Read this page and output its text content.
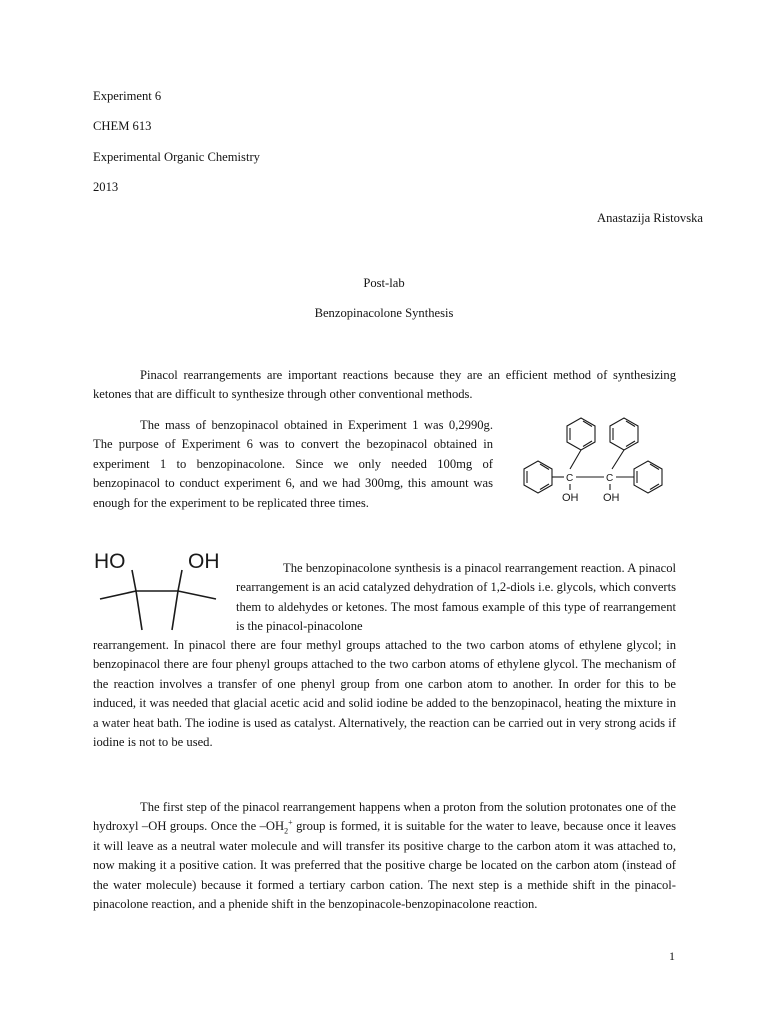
Experiment 6
CHEM 613
Experimental Organic Chemistry
2013
Anastazija Ristovska
Post-lab
Benzopinacolone Synthesis

Pinacol rearrangements are important reactions because they are an efficient method of synthesizing ketones that are difficult to synthesize through other conventional methods.

The mass of benzopinacol obtained in Experiment 1 was 0,2990g. The purpose of Experiment 6 was to convert the bezopinacol obtained in experiment 1 to benzopinacolone. Since we only needed 100mg of benzopinacol to conduct experiment 6, and we had 300mg, this amount was enough for the experiment to be replicated three times.

C	C
OH OH
HO	OH	The benzopinacolone synthesis is a pinacol rearrangement reaction. A pinacol rearrangement is an acid catalyzed dehydration of 1,2-diols i.e. glycols, which converts them to aldehydes or ketones. The most famous example of this type of rearrangement is the pinacol-pinacolone

rearrangement. In pinacol there are four methyl groups attached to the two carbon atoms of ethylene glycol; in benzopinacol there are four phenyl groups attached to the two carbon atoms of ethylene glycol. The mechanism of the reaction involves a transfer of one phenyl group from one carbon atom to another. In order for this to be induced, it was needed that glacial acetic acid and solid iodine be added to the benzopinacol, heating the mixture in a water heat bath. The iodine is used as catalyst. Alternatively, the reaction can be carried out in very strong acids if iodine is not to be used.

The first step of the pinacol rearrangement happens when a proton from the solution protonates one of the hydroxyl –OH groups. Once the $-OH_2^+$ group is formed, it is suitable for the water to leave, because once it leaves it will leave as a neutral water molecule and will transfer its positive charge to the carbon atom it was attached to, now making it a positive cation. It was preferred that the positive charge be located on the carbon atom (instead of the water molecule) because it formed a tertiary carbon cation. The next step is a methide shift in the pinacol-pinacolone reaction, and a phenide shift in the benzopinacole-benzopinacolone reaction.

1
